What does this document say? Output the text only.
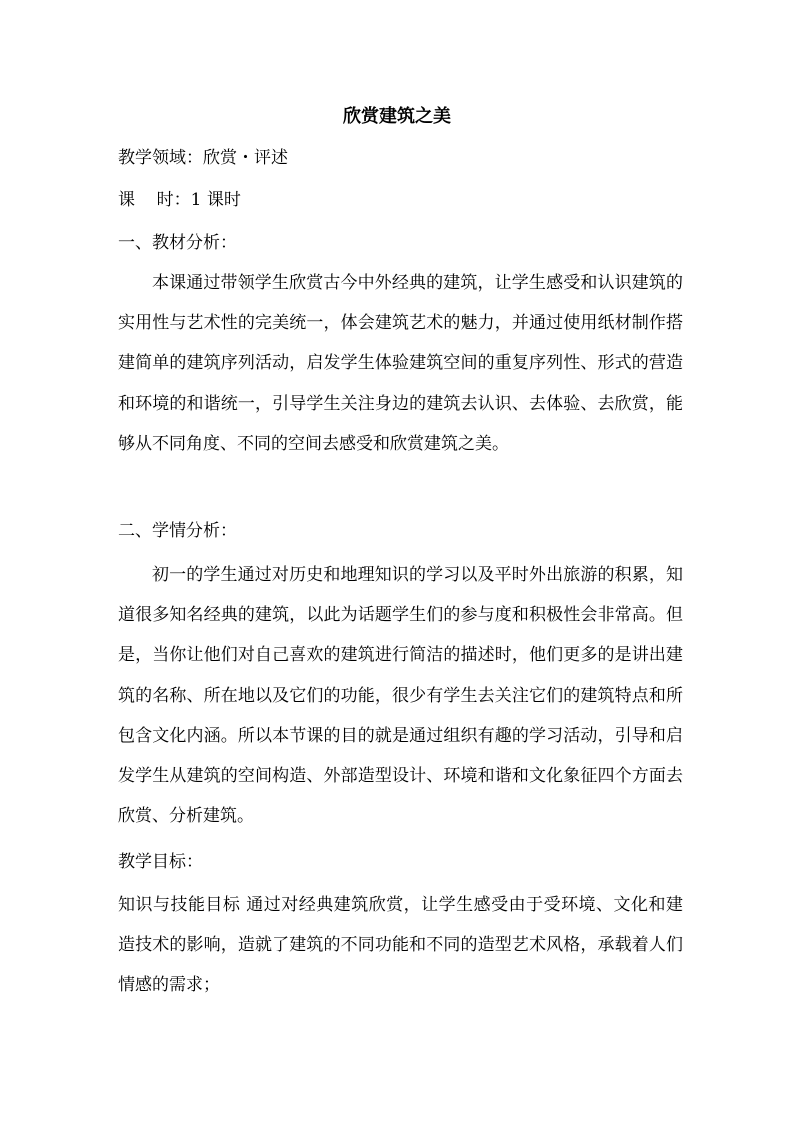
欣赏建筑之美

教学领域：欣赏・评述

课    时：1 课时

一、教材分析：

本课通过带领学生欣赏古今中外经典的建筑，让学生感受和认识建筑的实用性与艺术性的完美统一，体会建筑艺术的魅力，并通过使用纸材制作搭建简单的建筑序列活动，启发学生体验建筑空间的重复序列性、形式的营造和环境的和谐统一，引导学生关注身边的建筑去认识、去体验、去欣赏，能够从不同角度、不同的空间去感受和欣赏建筑之美。

二、学情分析：

初一的学生通过对历史和地理知识的学习以及平时外出旅游的积累，知道很多知名经典的建筑，以此为话题学生们的参与度和积极性会非常高。但是，当你让他们对自己喜欢的建筑进行简洁的描述时，他们更多的是讲出建筑的名称、所在地以及它们的功能，很少有学生去关注它们的建筑特点和所包含文化内涵。所以本节课的目的就是通过组织有趣的学习活动，引导和启发学生从建筑的空间构造、外部造型设计、环境和谐和文化象征四个方面去欣赏、分析建筑。

教学目标：

知识与技能目标 通过对经典建筑欣赏，让学生感受由于受环境、文化和建造技术的影响，造就了建筑的不同功能和不同的造型艺术风格，承载着人们情感的需求；
